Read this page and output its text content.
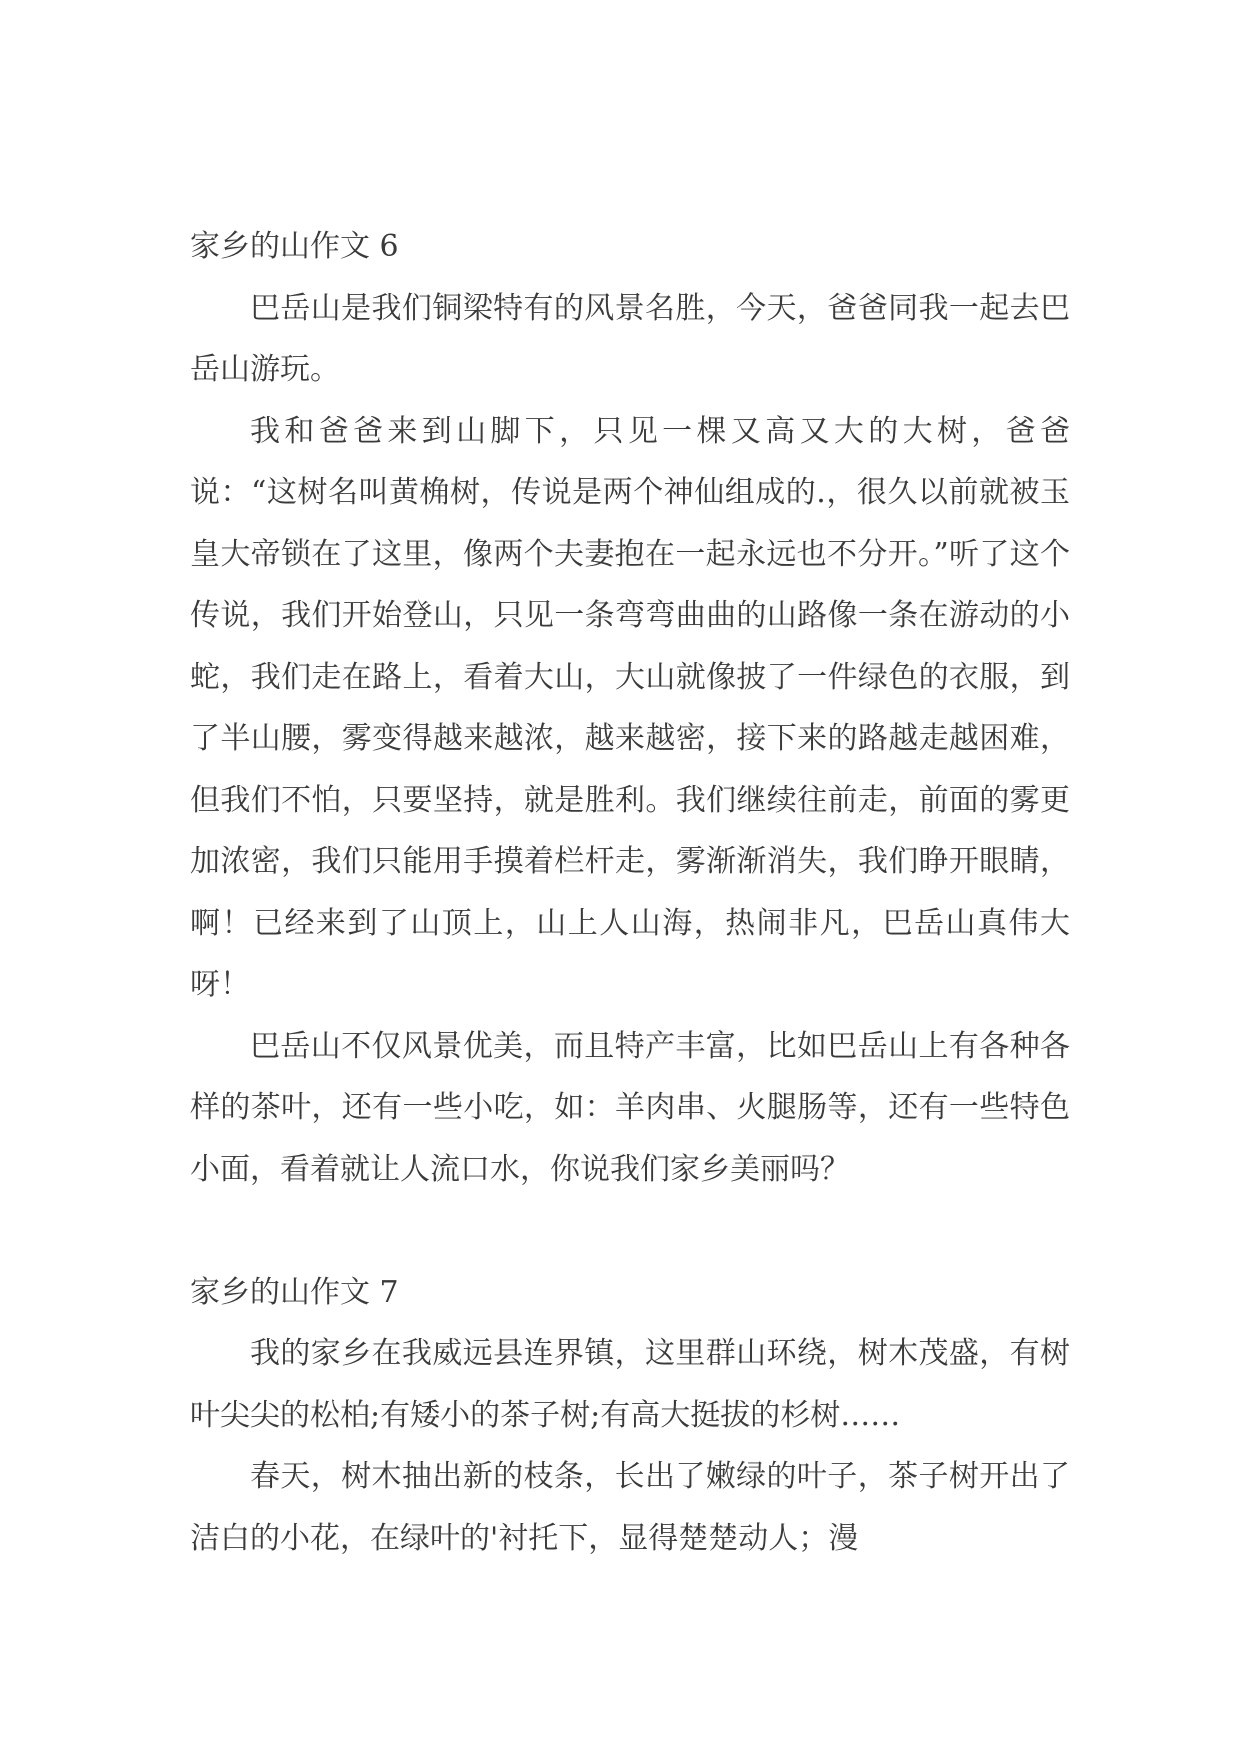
家乡的山作文 6

巴岳山是我们铜梁特有的风景名胜，今天，爸爸同我一起去巴岳山游玩。

我和爸爸来到山脚下，只见一棵又高又大的大树，爸爸说：“这树名叫黄桷树，传说是两个神仙组成的.，很久以前就被玉皇大帝锁在了这里，像两个夫妻抱在一起永远也不分开。”听了这个传说，我们开始登山，只见一条弯弯曲曲的山路像一条在游动的小蛇，我们走在路上，看着大山，大山就像披了一件绿色的衣服，到了半山腰，雾变得越来越浓，越来越密，接下来的路越走越困难，但我们不怕，只要坚持，就是胜利。我们继续往前走，前面的雾更加浓密，我们只能用手摸着栏杆走，雾渐渐消失，我们睁开眼睛，啊！已经来到了山顶上，山上人山海，热闹非凡，巴岳山真伟大呀！

巴岳山不仅风景优美，而且特产丰富，比如巴岳山上有各种各样的茶叶，还有一些小吃，如：羊肉串、火腿肠等，还有一些特色小面，看着就让人流口水，你说我们家乡美丽吗？

家乡的山作文 7

我的家乡在我威远县连界镇，这里群山环绕，树木茂盛，有树叶尖尖的松柏;有矮小的茶子树;有高大挺拔的杉树……

春天，树木抽出新的枝条，长出了嫩绿的叶子，茶子树开出了洁白的小花，在绿叶的'衬托下，显得楚楚动人；漫
